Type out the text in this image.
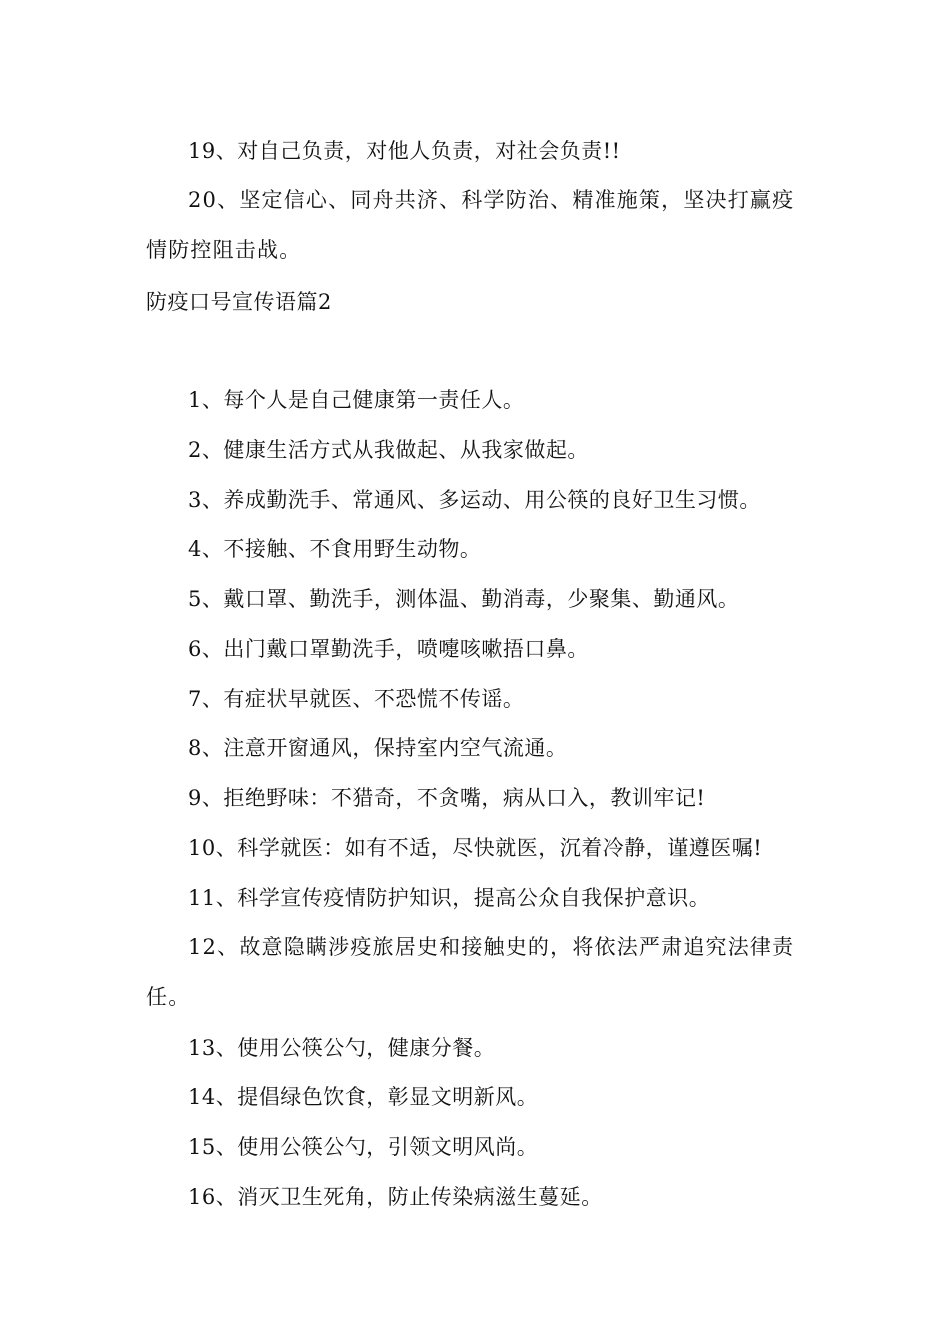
19、对自己负责，对他人负责，对社会负责!!
20、坚定信心、同舟共济、科学防治、精准施策，坚决打赢疫情防控阻击战。
防疫口号宣传语篇2
1、每个人是自己健康第一责任人。
2、健康生活方式从我做起、从我家做起。
3、养成勤洗手、常通风、多运动、用公筷的良好卫生习惯。
4、不接触、不食用野生动物。
5、戴口罩、勤洗手，测体温、勤消毒，少聚集、勤通风。
6、出门戴口罩勤洗手，喷嚏咳嗽捂口鼻。
7、有症状早就医、不恐慌不传谣。
8、注意开窗通风，保持室内空气流通。
9、拒绝野味：不猎奇，不贪嘴，病从口入，教训牢记!
10、科学就医：如有不适，尽快就医，沉着冷静，谨遵医嘱!
11、科学宣传疫情防护知识，提高公众自我保护意识。
12、故意隐瞒涉疫旅居史和接触史的，将依法严肃追究法律责任。
13、使用公筷公勺，健康分餐。
14、提倡绿色饮食，彰显文明新风。
15、使用公筷公勺，引领文明风尚。
16、消灭卫生死角，防止传染病滋生蔓延。
